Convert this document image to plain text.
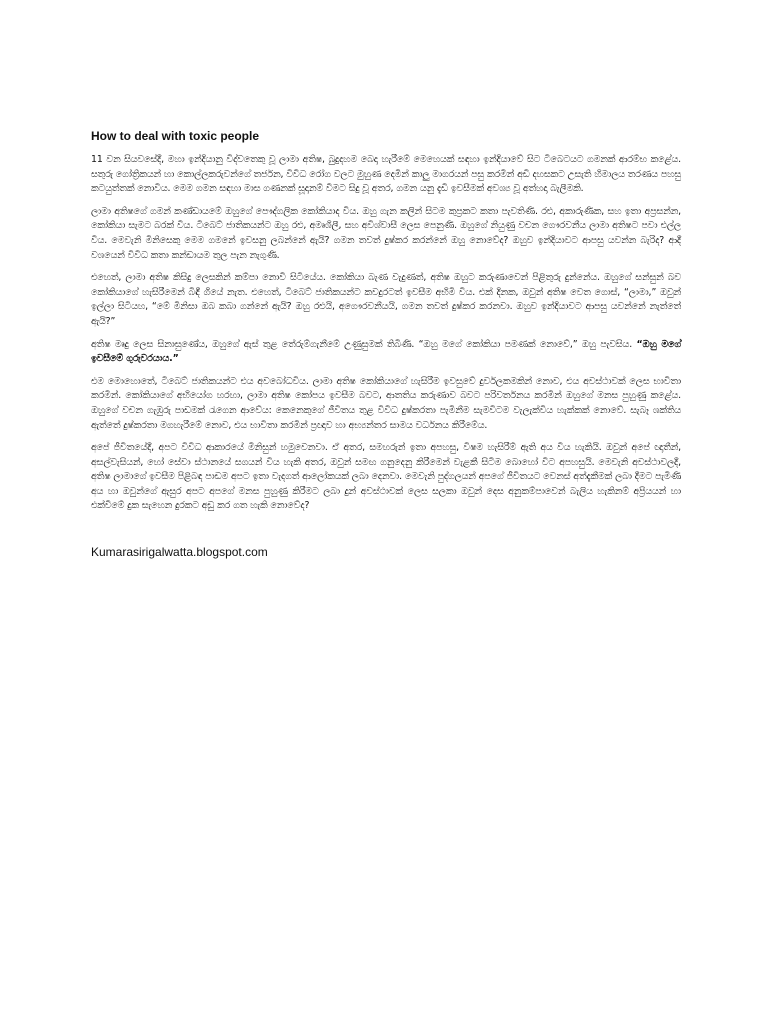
How to deal with toxic people

11 වන සියවසේදී, මහා ඉන්දියානු විද්වතෙකු වූ ලාමා අතිෂ, බුදුදහම බෙදා හැරීමේ මෙහෙයක් සඳහා ඉන්දියාවේ සිට ටිබෙටයට ගමනක් ආරම්භ කළේය. සතුරු ගෝත්‍රිකයන් හා කොල්ලකරුවන්ගේ තර්ජන, විවිධ රෝග වලට මුහුණ දෙමින් කාලු මාගරයන් පසු කරමින් අඩි දහසකට උසැති හිමාලය තරණය පහසු කටයුත්තක් නොවිය. මෙම ගමන සඳහා මාස ගණනක් සූදානම් වීමට සිදු වූ අතර, ගමන යනු දැඩි ඉවසීමක් අවශ්‍ය වූ අත්හදා බැලීමකි.

ලාමා අතිෂගේ ගමන් කණ්ඩායමේ ඔහුගේ පෞද්ගලික කෝකියාද විය. ඔහු ගැන කලින් සිටම කුප්‍රකට කතා පැවතිණි. රළු, අකාරුණික, සහ ඉතා අප්‍රසන්න, කෝකියා සැමට බරක් විය. ටිබෙට් ජාතිකයන්ට ඔහු රළු, අම්‍රුශිලී, සහ අවිශ්වාසී ලෙස පෙනුණි. ඔහුගේ නියුණු වචන ගෞරවනීය ලාමා අතිෂට පවා එල්ල විය. මෙවැනි මිනිසෙකු මෙම ගමනේ ඉවසනු ලබන්නේ ඇයි? ගමන තවත් දුෂ්කර කරන්නේ ඔහු නොවේද? ඔහුව ඉන්දියාවට ආපසු යවන්න බැරිද? ආදී වශයෙන් විවිධ කතා කන්ඩායම තුල පැන නැගුණි.

එහෙත්, ලාමා අතිෂ කිසිදු ලෙසකින් කම්පා නොවී සිටියේය. කෝකියා බැණ වැදුණත්, අතිෂ ඔහුට කරුණාවෙන් පිළිතුරු දුන්නේය. ඔහුගේ සන්සුන් බව කෝකියාගේ හැසිරීමෙන් බිඳී ගියේ නැත. එහෙත්, ටිබෙට් ජාතිකයන්ට කවදුරටත් ඉවසීම අභිමි විය. එක් දිනක, ඔවුන් අතිෂ වෙත ගොස්, “ලාමා,” ඔවුන් ඉල්ලා සිටියහ, “මේ මිනිසා ඔබ කබා ගන්නේ ඇයි? ඔහු රළුයි, අගෞරවනීයයි, ගමන තවත් දුෂ්කර කරනවා. ඔහුව ඉන්දියාවට ආපසු යවන්නේ නැත්තේ ඇයි?”

අතිෂ මෘදු ලෙස සිනාසුණේය, ඔහුගේ ඇස් තුළ තේරුම්ගැනීමේ උණුසුමක් තිබිණි. “ඔහු මගේ කෝකියා පමණක් නොවේ,” ඔහු පැවසිය. “ඔහු මගේ ඉවසීමේ ගුරුවරයාය.”

එම මොහොතේ, ටිබෙට් ජාතිකයන්ට එය අවබෝධවිය. ලාමා අතිෂ කෝකියාගේ හැසිරීම ඉවසුවේ දුර්වලකමකින් නොව, එය අවස්ථාවක් ලෙස භාවිතා කරමින්. කෝකියාගේ අභියෝග හරහා, ලාමා අතිෂ කෝපය ඉවසීම බවට, ආතතිය කරුණාව බවට පරිවර්තනය කරමින් ඔහුගේ මනස පුහුණු කළේය. ඔහුගේ වචන ගැඹුරු පාඩමක් රැගෙන ආවේය: කෙනෙකුගේ ජීවිතය තුළ විවිධ දුෂ්කරතා පැමිනීම සැමවිටම වැලැක්විය හැක්කක් නොවේ. සැබෑ ශක්තිය ඇත්තේ දුෂ්කරතා මගහැරීමේ නොව, එය භාවිතා කරමින් ප්‍රඥාව හා අභ්‍යන්තර සාමය වර්ධනය කිරීමේය.

අපේ ජීවිතයේදී, අපට විවිධ ආකාරයේ මිනිසුන් හමුවෙනවා. ඒ අතර, සමහරුන් ඉතා අපහසු, විෂම හැසිරීම් ඇති අය විය හැකියි. ඔවුන් අපේ ඥාතීන්, අසල්වැසියන්, හෝ සේවා ස්ථානයේ සගයන් විය හැකි අතර, ඔවුන් සමඟ ගනුදෙනු කිරීමෙන් වැළකී සිටීම බොහෝ විට අපහසුයි. මෙවැනි අවස්ථාවලදී, අතිෂ ලාමාගේ ඉවසීම පිළිබඳ පාඩම අපට ඉතා වැදගත් ආලෝකයක් ලබා දෙනවා. මෙවැනි පුද්ගලයන් අපගේ ජීවිතයට වෙනස් අත්දැකීමක් ලබා දීමට පැමිණි අය හා ඔවුන්ගේ ඇසුර අපට අපගේ මනස පුහුණු කිරීමට ලබා දුන් අවස්ථාවක් ලෙස සලකා ඔවුන් දෙස අනුකම්පාවෙන් බැලිය හැකිනම් අප්‍රියයන් හා එක්වීමේ දුක සැහෙන දුරකට අඩු කර ගත හැකි නොවේද?

Kumarasirigalwatta.blogspot.com
